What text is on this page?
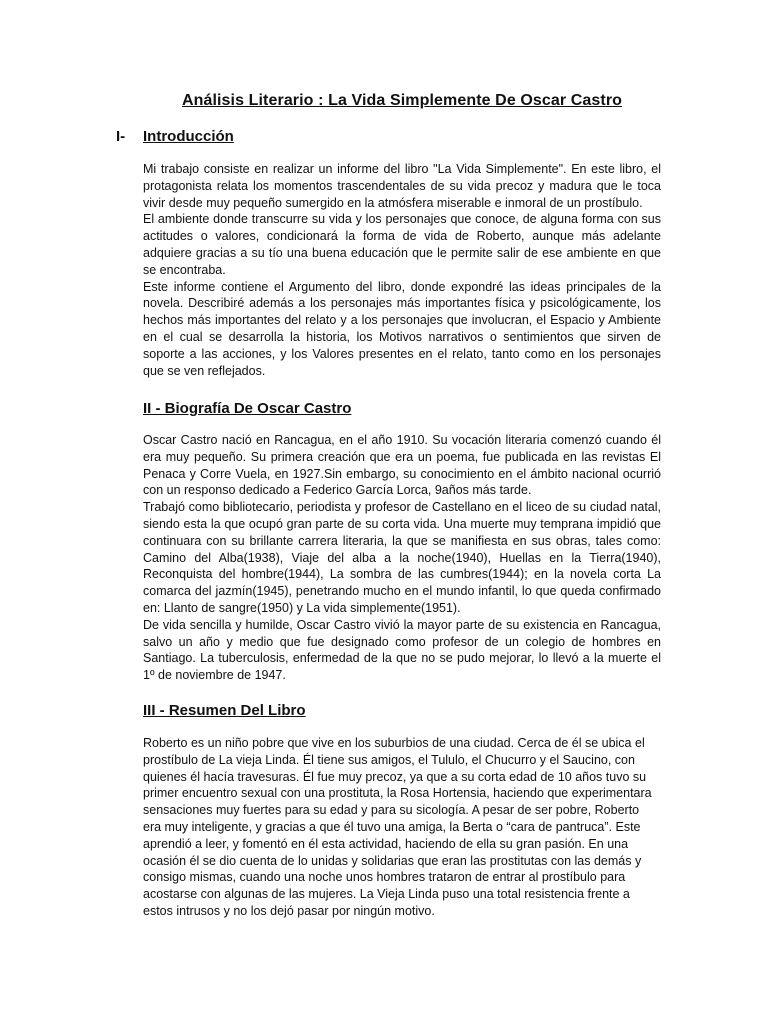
Análisis Literario : La Vida Simplemente De Oscar Castro
I- Introducción

Mi trabajo consiste en realizar un informe del libro "La Vida Simplemente". En este libro, el protagonista relata los momentos trascendentales de su vida precoz y madura que le toca vivir desde muy pequeño sumergido en la atmósfera miserable e inmoral de un prostíbulo.

El ambiente donde transcurre su vida y los personajes que conoce, de alguna forma con sus actitudes o valores, condicionará la forma de vida de Roberto, aunque más adelante adquiere gracias a su tío una buena educación que le permite salir de ese ambiente en que se encontraba.

Este informe contiene el Argumento del libro, donde expondré las ideas principales de la novela. Describiré además a los personajes más importantes física y psicológicamente, los hechos más importantes del relato y a los personajes que involucran, el Espacio y Ambiente en el cual se desarrolla la historia, los Motivos narrativos o sentimientos que sirven de soporte a las acciones, y los Valores presentes en el relato, tanto como en los personajes que se ven reflejados.

II - Biografía De Oscar Castro

Oscar Castro nació en Rancagua, en el año 1910. Su vocación literaria comenzó cuando él era muy pequeño. Su primera creación que era un poema, fue publicada en las revistas El Penaca y Corre Vuela, en 1927.Sin embargo, su conocimiento en el ámbito nacional ocurrió con un responso dedicado a Federico García Lorca, 9años más tarde.

Trabajó como bibliotecario, periodista y profesor de Castellano en el liceo de su ciudad natal, siendo esta la que ocupó gran parte de su corta vida. Una muerte muy temprana impidió que continuara con su brillante carrera literaria, la que se manifiesta en sus obras, tales como: Camino del Alba(1938), Viaje del alba a la noche(1940), Huellas en la Tierra(1940), Reconquista del hombre(1944), La sombra de las cumbres(1944); en la novela corta La comarca del jazmín(1945), penetrando mucho en el mundo infantil, lo que queda confirmado en: Llanto de sangre(1950) y La vida simplemente(1951).

De vida sencilla y humilde, Oscar Castro vivió la mayor parte de su existencia en Rancagua, salvo un año y medio que fue designado como profesor de un colegio de hombres en Santiago. La tuberculosis, enfermedad de la que no se pudo mejorar, lo llevó a la muerte el 1º de noviembre de 1947.

III - Resumen Del Libro

Roberto es un niño pobre que vive en los suburbios de una ciudad. Cerca de él se ubica el prostíbulo de La vieja Linda. Él tiene sus amigos, el Tululo, el Chucurro y el Saucino, con quienes él hacía travesuras. Él fue muy precoz, ya que a su corta edad de 10 años tuvo su primer encuentro sexual con una prostituta, la Rosa Hortensia, haciendo que experimentara sensaciones muy fuertes para su edad y para su sicología. A pesar de ser pobre, Roberto era muy inteligente, y gracias a que él tuvo una amiga, la Berta o “cara de pantruca”. Este aprendió a leer, y fomentó en él esta actividad, haciendo de ella su gran pasión. En una ocasión él se dio cuenta de lo unidas y solidarias que eran las prostitutas con las demás y consigo mismas, cuando una noche unos hombres trataron de entrar al prostíbulo para acostarse con algunas de las mujeres. La Vieja Linda puso una total resistencia frente a estos intrusos y no los dejó pasar por ningún motivo.
